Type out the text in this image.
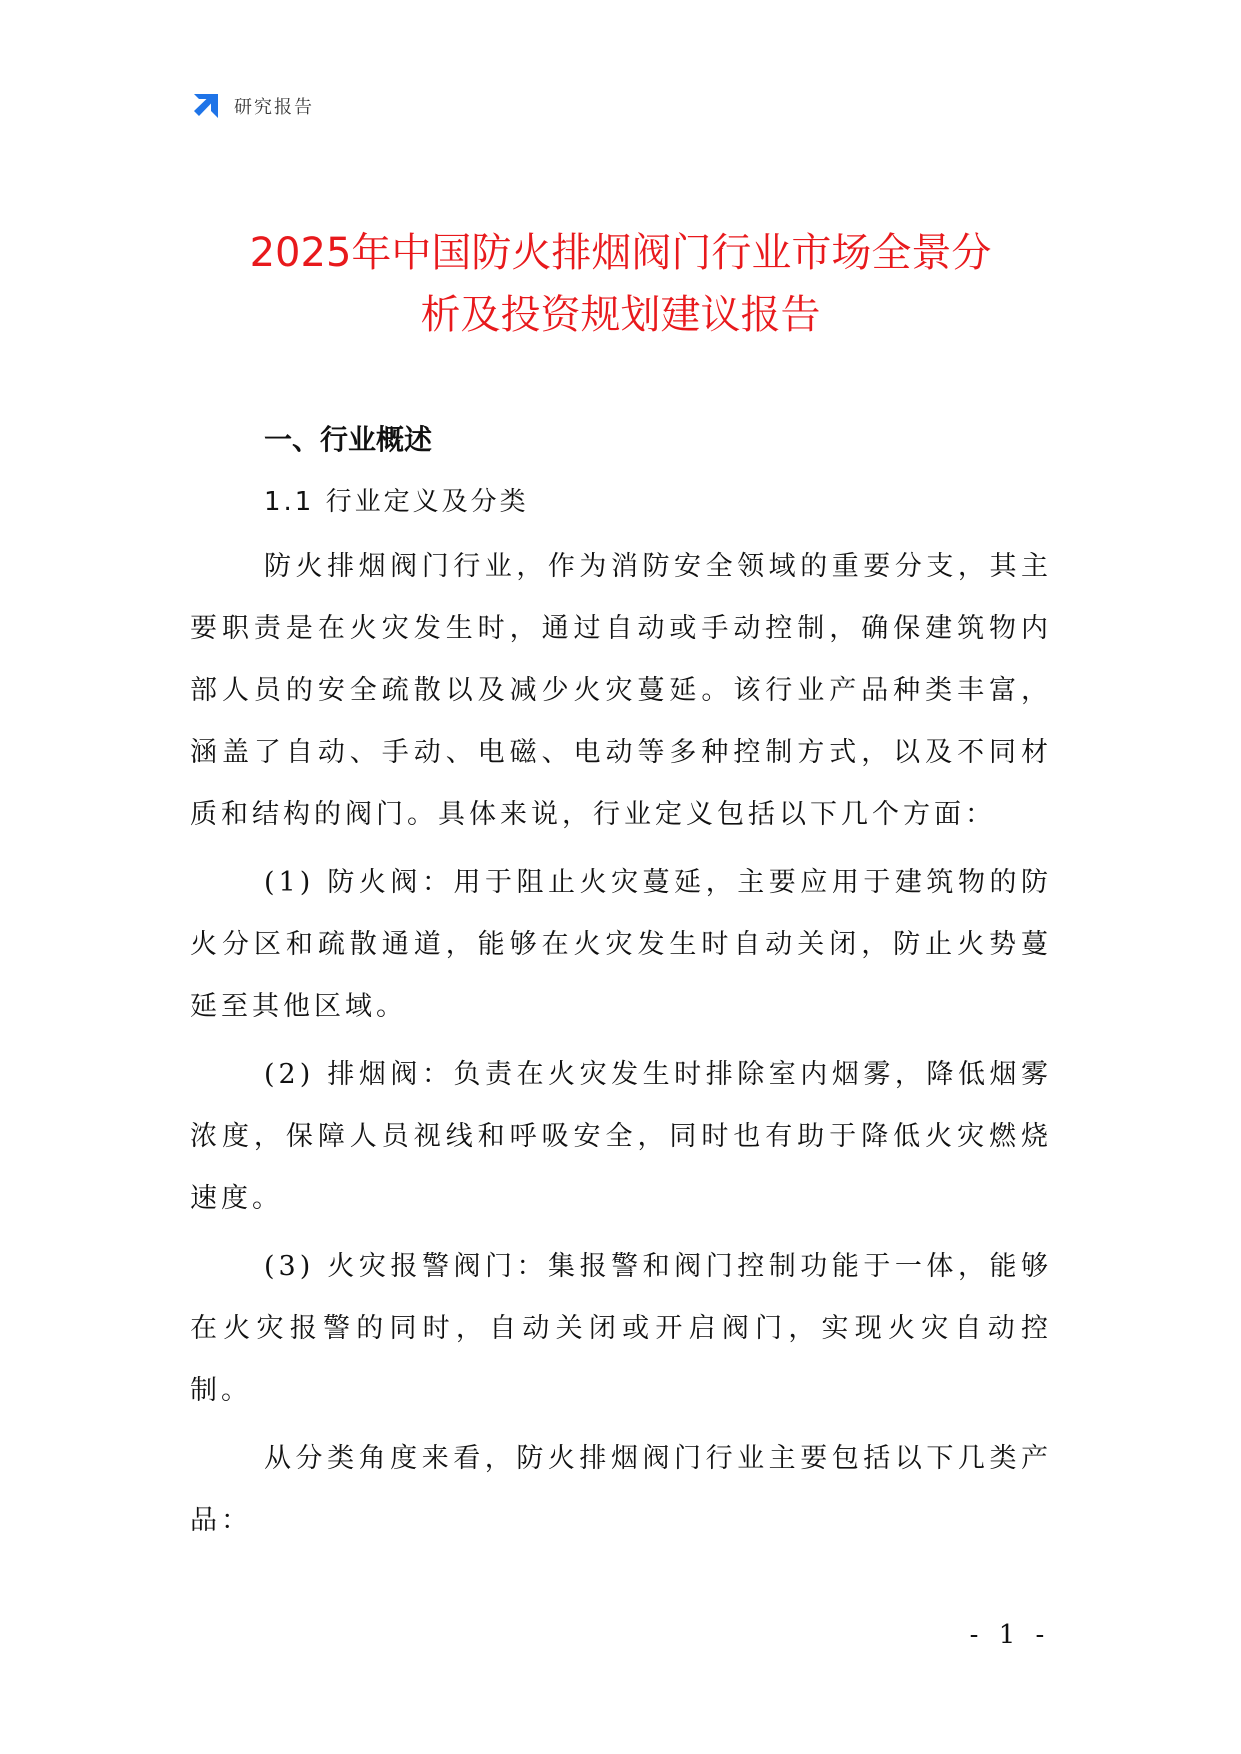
研究报告
2025年中国防火排烟阀门行业市场全景分
析及投资规划建议报告
一、行业概述
1.1 行业定义及分类

防火排烟阀门行业，作为消防安全领域的重要分支，其主要职责是在火灾发生时，通过自动或手动控制，确保建筑物内部人员的安全疏散以及减少火灾蔓延。该行业产品种类丰富，涵盖了自动、手动、电磁、电动等多种控制方式，以及不同材质和结构的阀门。具体来说，行业定义包括以下几个方面：

(1) 防火阀：用于阻止火灾蔓延，主要应用于建筑物的防火分区和疏散通道，能够在火灾发生时自动关闭，防止火势蔓延至其他区域。

(2) 排烟阀：负责在火灾发生时排除室内烟雾，降低烟雾浓度，保障人员视线和呼吸安全，同时也有助于降低火灾燃烧速度。

(3) 火灾报警阀门：集报警和阀门控制功能于一体，能够在火灾报警的同时，自动关闭或开启阀门，实现火灾自动控制。

从分类角度来看，防火排烟阀门行业主要包括以下几类产品：

- 1 -
